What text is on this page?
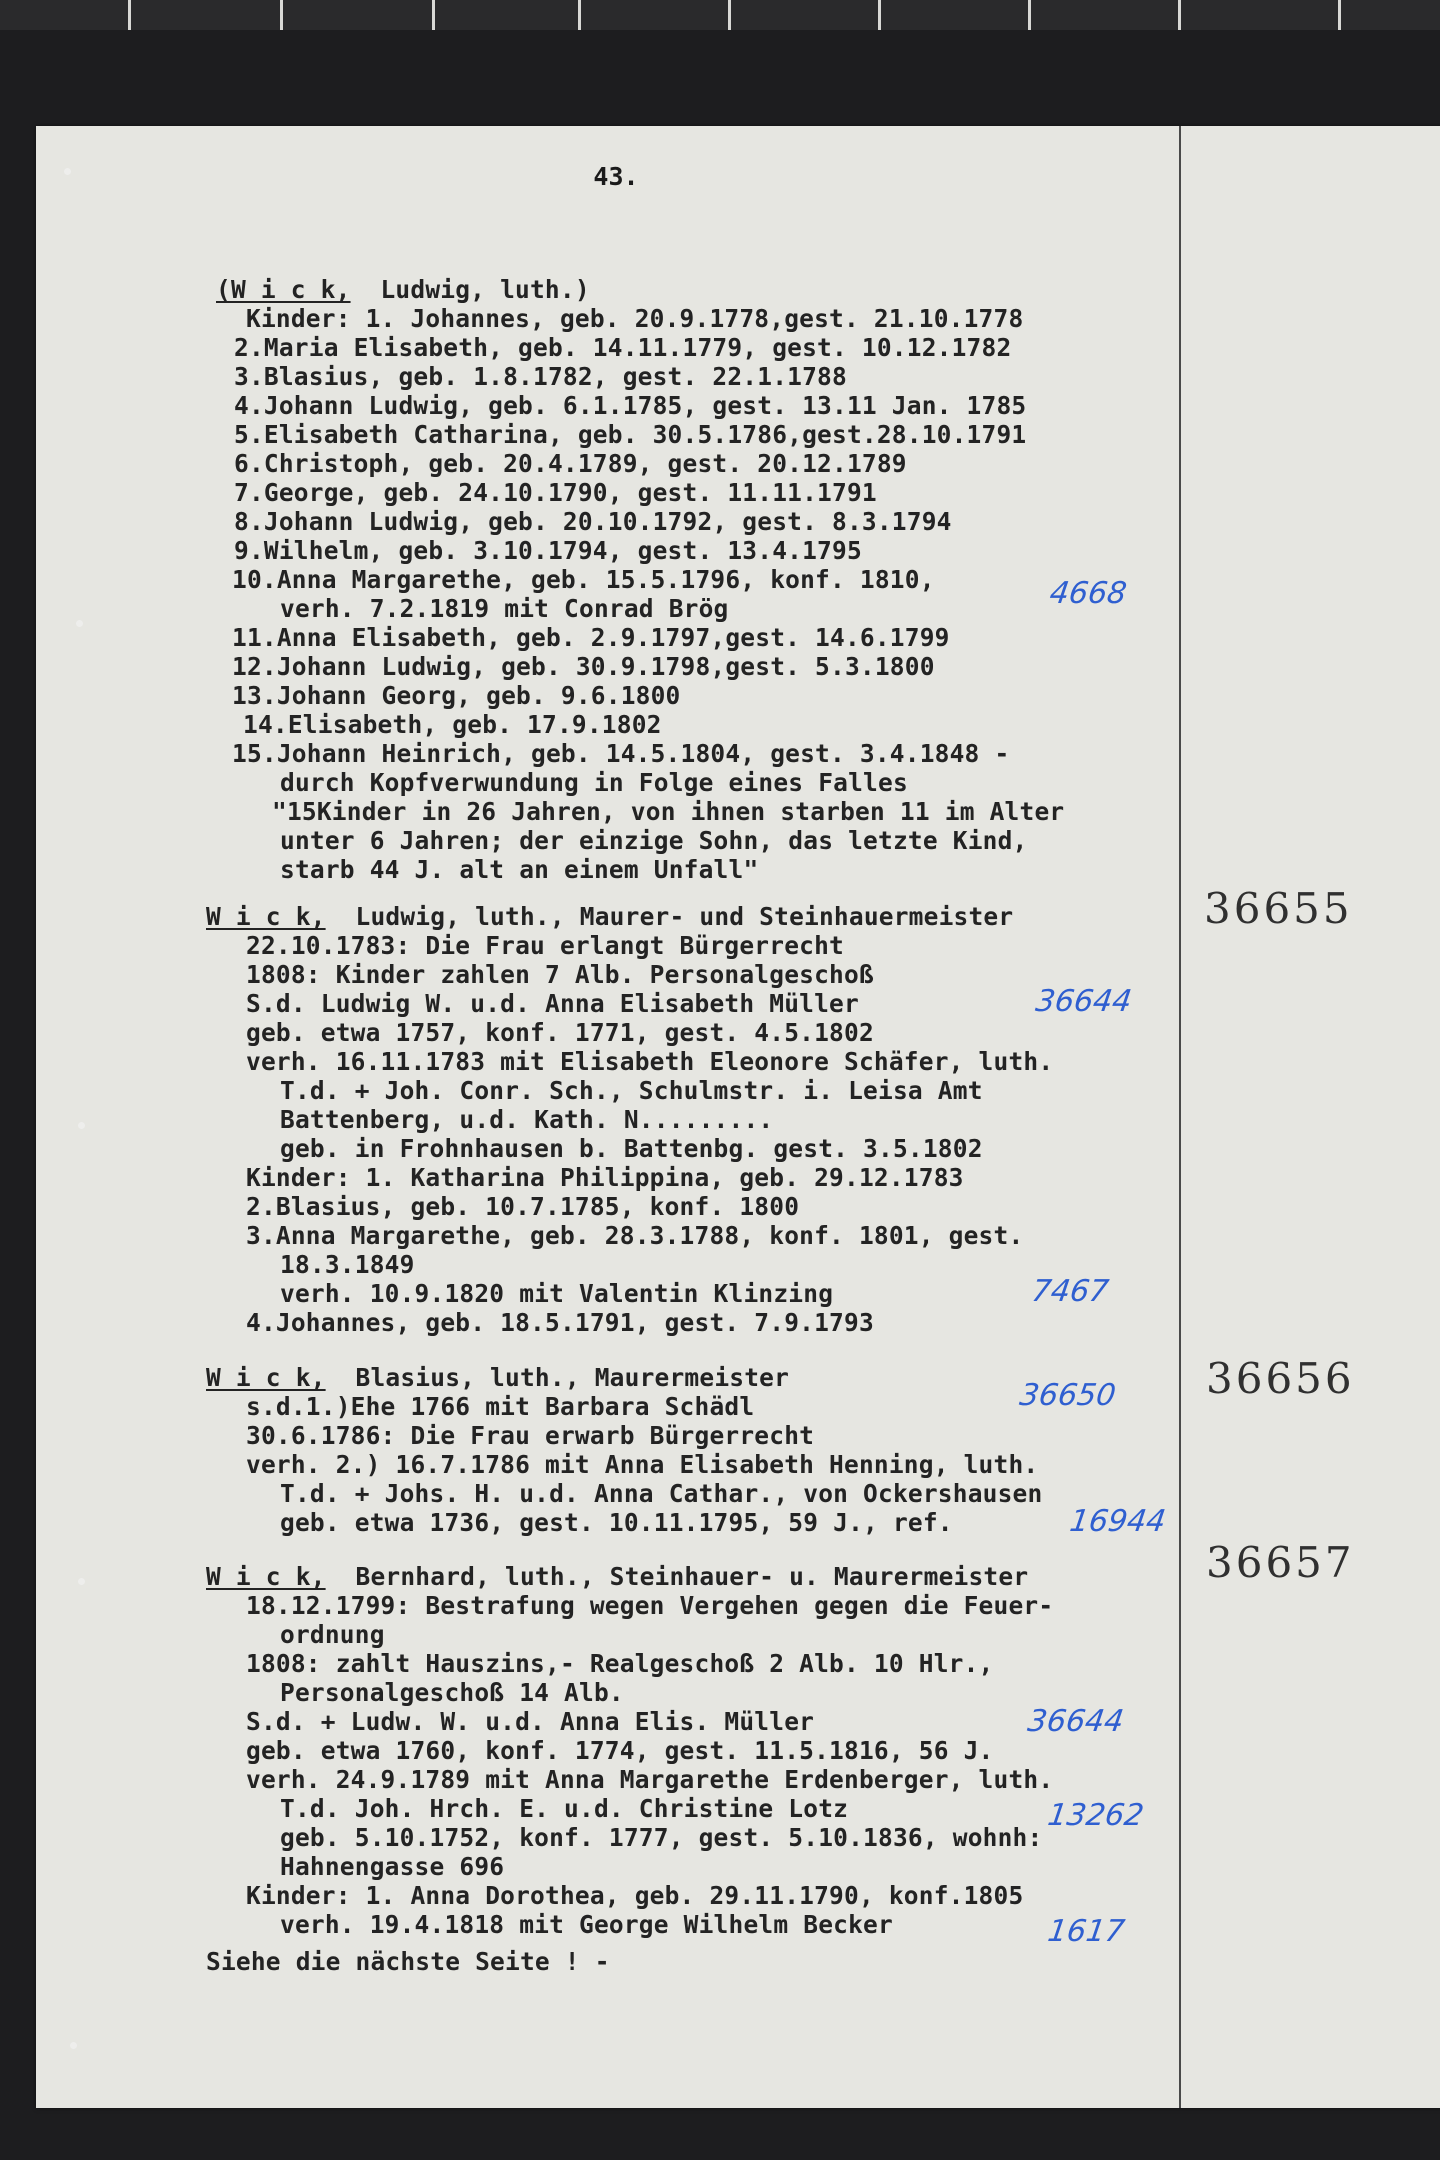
43.
(W i c k,  Ludwig, luth.)
Kinder: 1. Johannes, geb. 20.9.1778,gest. 21.10.1778
2.Maria Elisabeth, geb. 14.11.1779, gest. 10.12.1782
3.Blasius, geb. 1.8.1782, gest. 22.1.1788
4.Johann Ludwig, geb. 6.1.1785, gest. 13.11 Jan. 1785
5.Elisabeth Catharina, geb. 30.5.1786,gest.28.10.1791
6.Christoph, geb. 20.4.1789, gest. 20.12.1789
7.George, geb. 24.10.1790, gest. 11.11.1791
8.Johann Ludwig, geb. 20.10.1792, gest. 8.3.1794
9.Wilhelm, geb. 3.10.1794, gest. 13.4.1795
10.Anna Margarethe, geb. 15.5.1796, konf. 1810,
verh. 7.2.1819 mit Conrad Brög
11.Anna Elisabeth, geb. 2.9.1797,gest. 14.6.1799
12.Johann Ludwig, geb. 30.9.1798,gest. 5.3.1800
13.Johann Georg, geb. 9.6.1800
14.Elisabeth, geb. 17.9.1802
15.Johann Heinrich, geb. 14.5.1804, gest. 3.4.1848 -
durch Kopfverwundung in Folge eines Falles
"15Kinder in 26 Jahren, von ihnen starben 11 im Alter
unter 6 Jahren; der einzige Sohn, das letzte Kind,
starb 44 J. alt an einem Unfall"
W i c k,  Ludwig, luth., Maurer- und Steinhauermeister
22.10.1783: Die Frau erlangt Bürgerrecht
1808: Kinder zahlen 7 Alb. Personalgeschoß
S.d. Ludwig W. u.d. Anna Elisabeth Müller
geb. etwa 1757, konf. 1771, gest. 4.5.1802
verh. 16.11.1783 mit Elisabeth Eleonore Schäfer, luth.
T.d. + Joh. Conr. Sch., Schulmstr. i. Leisa Amt
Battenberg, u.d. Kath. N.........
geb. in Frohnhausen b. Battenbg. gest. 3.5.1802
Kinder: 1. Katharina Philippina, geb. 29.12.1783
2.Blasius, geb. 10.7.1785, konf. 1800
3.Anna Margarethe, geb. 28.3.1788, konf. 1801, gest.
18.3.1849
verh. 10.9.1820 mit Valentin Klinzing
4.Johannes, geb. 18.5.1791, gest. 7.9.1793
W i c k,  Blasius, luth., Maurermeister
s.d.1.)Ehe 1766 mit Barbara Schädl
30.6.1786: Die Frau erwarb Bürgerrecht
verh. 2.) 16.7.1786 mit Anna Elisabeth Henning, luth.
T.d. + Johs. H. u.d. Anna Cathar., von Ockershausen
geb. etwa 1736, gest. 10.11.1795, 59 J., ref.
W i c k,  Bernhard, luth., Steinhauer- u. Maurermeister
18.12.1799: Bestrafung wegen Vergehen gegen die Feuer-
ordnung
1808: zahlt Hauszins,- Realgeschoß 2 Alb. 10 Hlr.,
Personalgeschoß 14 Alb.
S.d. + Ludw. W. u.d. Anna Elis. Müller
geb. etwa 1760, konf. 1774, gest. 11.5.1816, 56 J.
verh. 24.9.1789 mit Anna Margarethe Erdenberger, luth.
T.d. Joh. Hrch. E. u.d. Christine Lotz
geb. 5.10.1752, konf. 1777, gest. 5.10.1836, wohnh:
Hahnengasse 696
Kinder: 1. Anna Dorothea, geb. 29.11.1790, konf.1805
verh. 19.4.1818 mit George Wilhelm Becker
36655
36656
36657
4668
36644
7467
36650
16944
36644
13262
1617
Siehe die nächste Seite ! -
